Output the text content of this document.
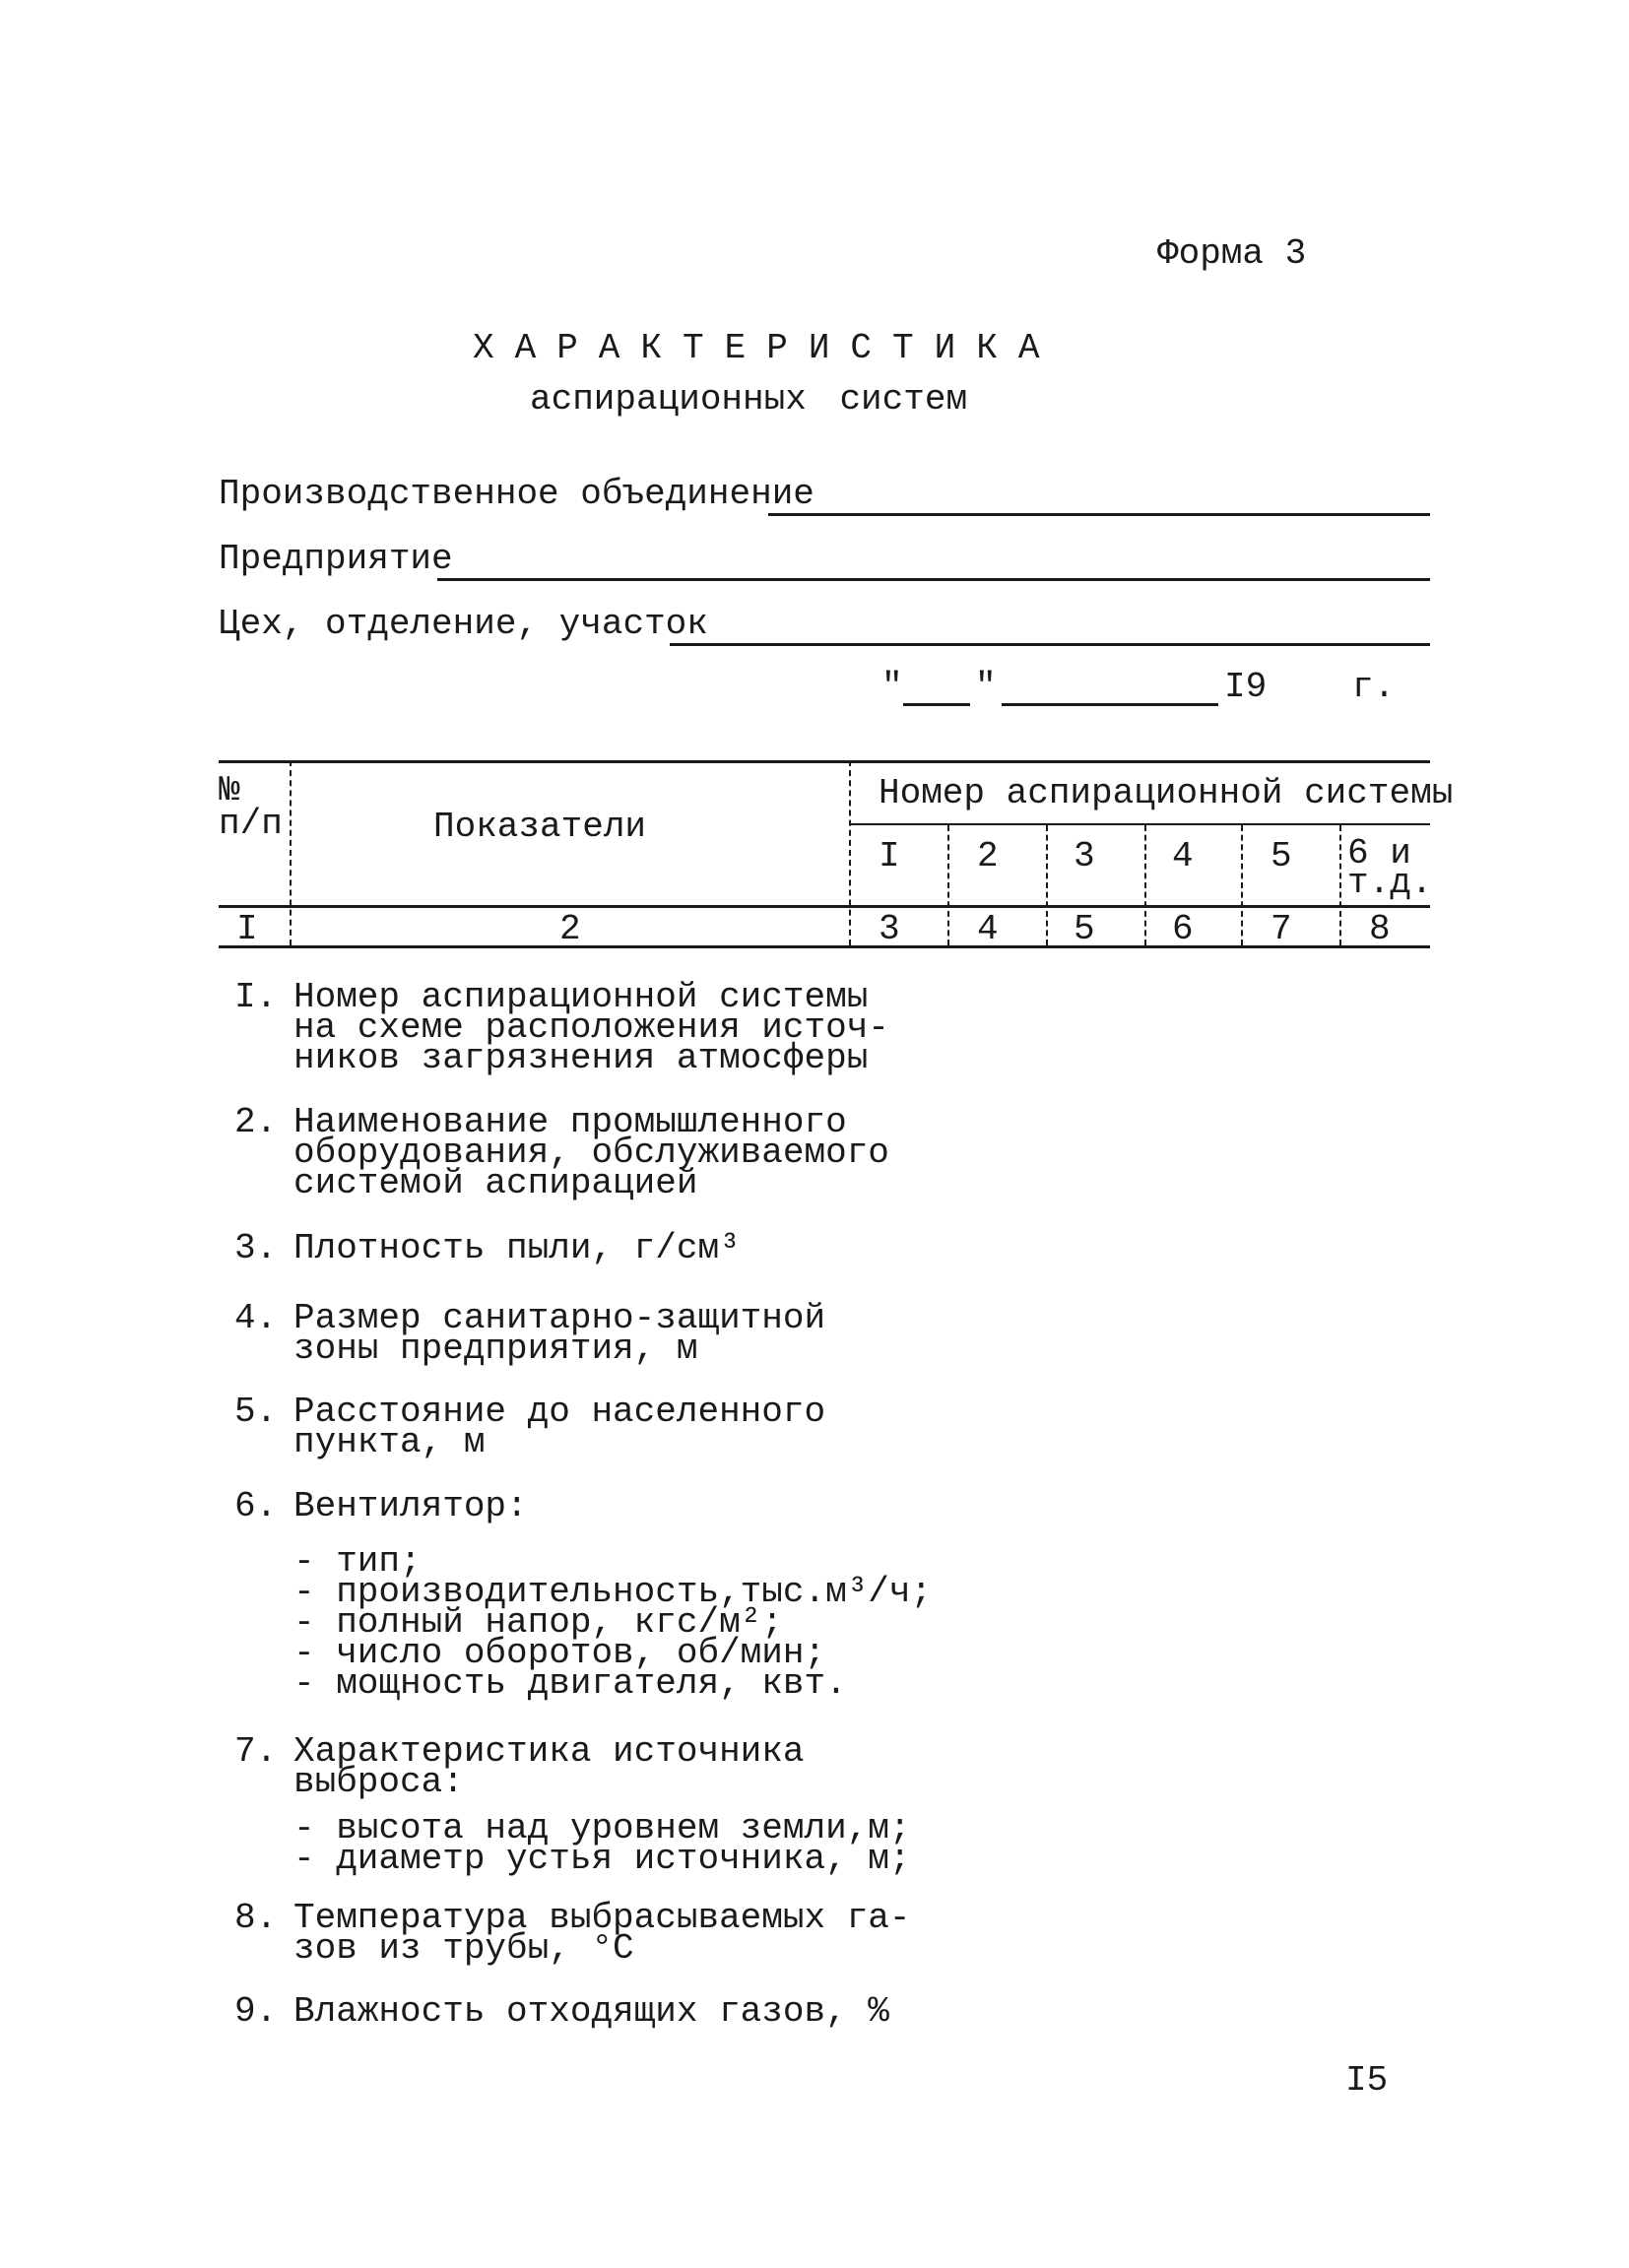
Форма 3
ХАРАКТЕРИСТИКА
аспирационных систем
Производственное объединение
Предприятие
Цех, отделение, участок
" "	I9 г.
№ п/п	Показатели
Номер аспирационной системы
I 2 3 4 5 6 и т.д.
I	2	3 4 5 6 7 8
I. Номер аспирационной системы
на схеме расположения источ-
ников загрязнения атмосферы
2. Наименование промышленного
оборудования, обслуживаемого
системой аспирацией
3. Плотность пыли, г/см³
4. Размер санитарно-защитной
зоны предприятия, м
5. Расстояние до населенного
пункта, м
6. Вентилятор:
- тип;
- производительность,тыс.м³/ч;
- полный напор, кгс/м²;
- число оборотов, об/мин;
- мощность двигателя, квт.
7. Характеристика источника
выброса:
- высота над уровнем земли,м;
- диаметр устья источника, м;
8. Температура выбрасываемых га-
зов из трубы, °С
9. Влажность отходящих газов, %
I5
